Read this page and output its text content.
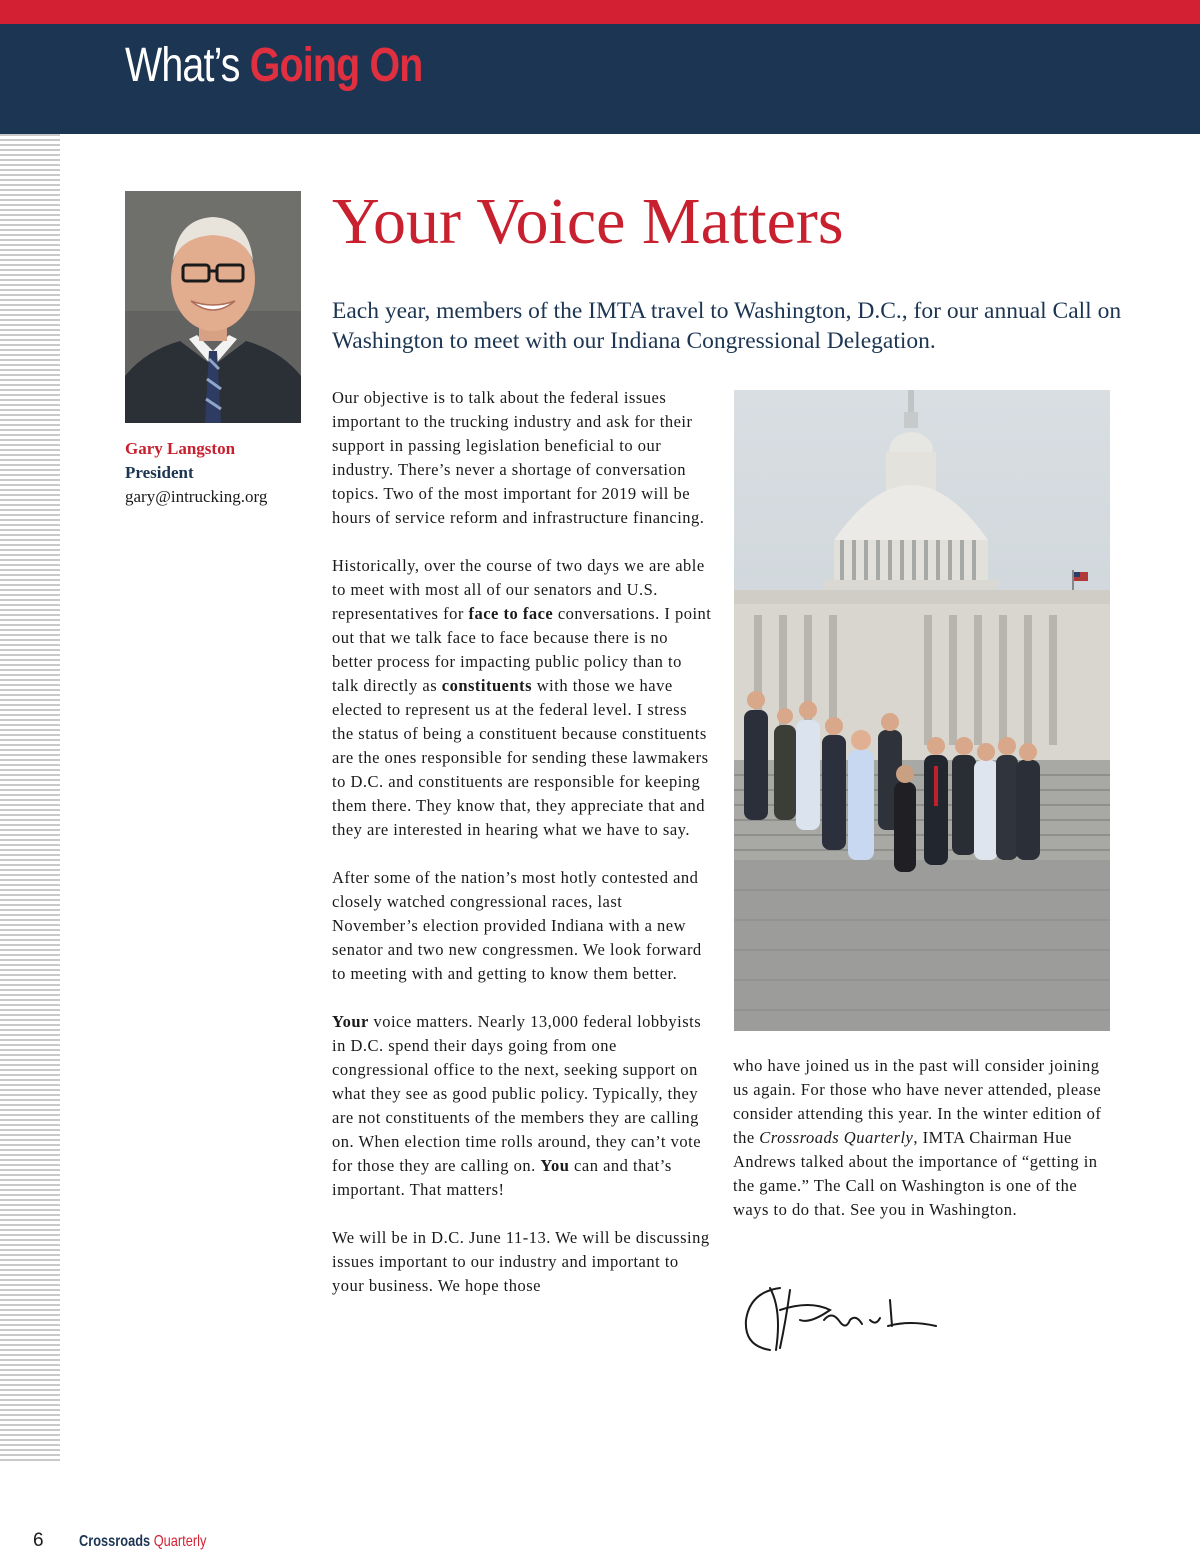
What’s Going On
Gary Langston
President
gary@intrucking.org
Your Voice Matters
Each year, members of the IMTA travel to Washington, D.C., for our annual Call on Washington to meet with our Indiana Congressional Delegation.

Our objective is to talk about the federal issues important to the trucking industry and ask for their support in passing legislation beneficial to our industry. There’s never a shortage of conversation topics. Two of the most important for 2019 will be hours of service reform and infrastructure financing.

Historically, over the course of two days we are able to meet with most all of our senators and U.S. representatives for face to face conversations. I point out that we talk face to face because there is no better process for impacting public policy than to talk directly as constituents with those we have elected to represent us at the federal level. I stress the status of being a constituent because constituents are the ones responsible for sending these lawmakers to D.C. and constituents are responsible for keeping them there. They know that, they appreciate that and they are interested in hearing what we have to say.

After some of the nation’s most hotly contested and closely watched congressional races, last November’s election provided Indiana with a new senator and two new congressmen. We look forward to meeting with and getting to know them better.

Your voice matters. Nearly 13,000 federal lobbyists in D.C. spend their days going from one congressional office to the next, seeking support on what they see as good public policy. Typically, they are not constituents of the members they are calling on. When election time rolls around, they can’t vote for those they are calling on. You can and that’s important. That matters!

We will be in D.C. June 11-13. We will be discussing issues important to our industry and important to your business. We hope those

who have joined us in the past will consider joining us again. For those who have never attended, please consider attending this year. In the winter edition of the Crossroads Quarterly, IMTA Chairman Hue Andrews talked about the importance of “getting in the game.” The Call on Washington is one of the ways to do that. See you in Washington.

6 Crossroads Quarterly
